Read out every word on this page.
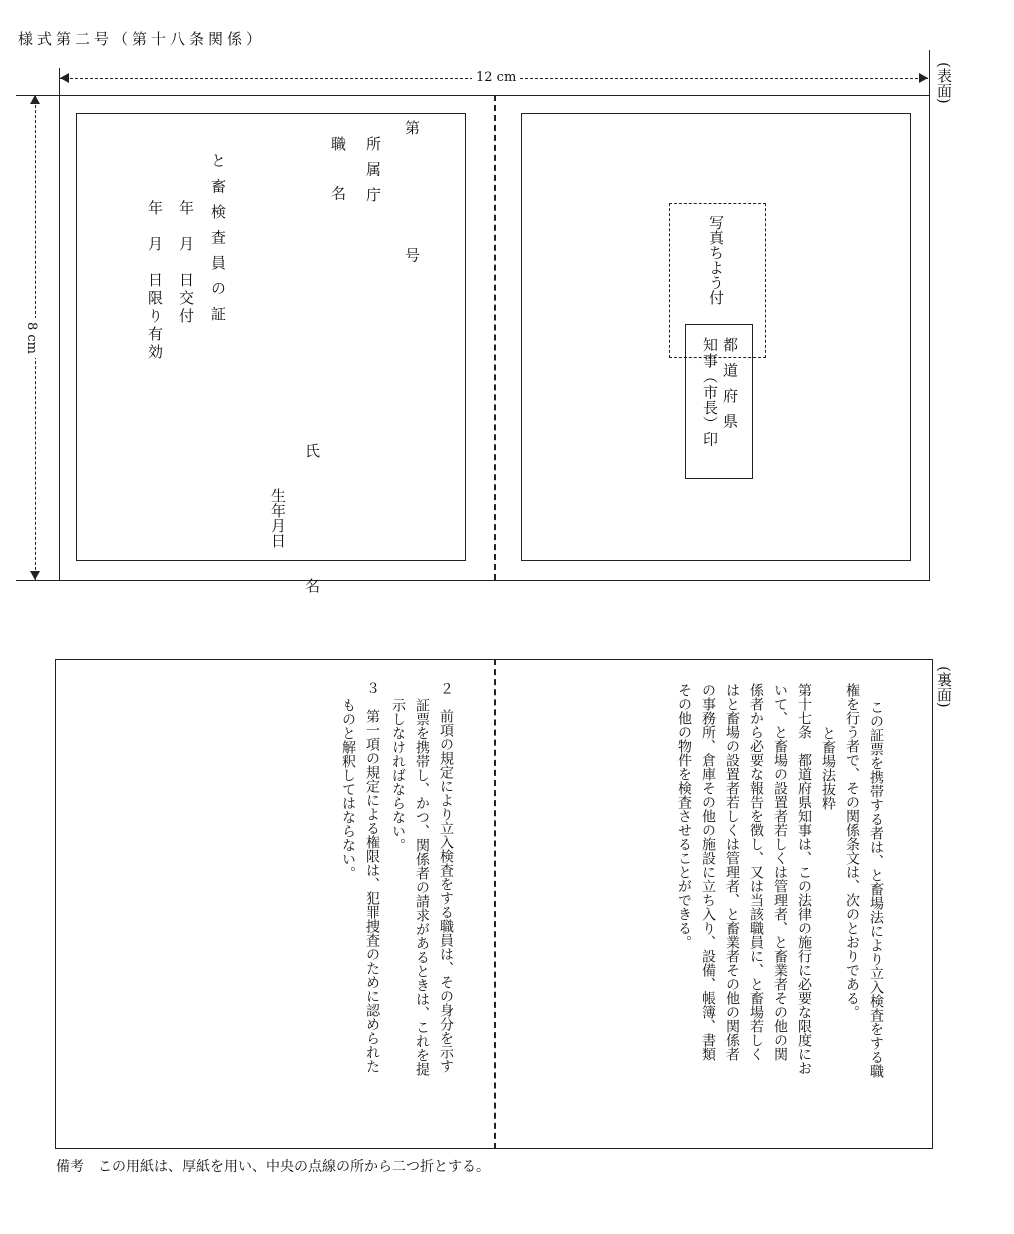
様式第二号（第十八条関係）
12 cm
8 cm
(表面)
第　　　　号
所属庁
職　　名
と畜検査員の証
年　月　日交付
年　月　日限り有効
氏　　　　　　　　名
生年月日
写真ちよう付
都道府県
知事（市長）印
(裏面)
この証票を携帯する者は、と畜場法により立入検査をする職
権を行う者で、その関係条文は、次のとおりである。
　　と畜場法抜粋
第十七条　都道府県知事は、この法律の施行に必要な限度にお
いて、と畜場の設置者若しくは管理者、と畜業者その他の関
係者から必要な報告を徴し、又は当該職員に、と畜場若しく
はと畜場の設置者若しくは管理者、と畜業者その他の関係者
の事務所、倉庫その他の施設に立ち入り、設備、帳簿、書類
その他の物件を検査させることができる。
２　前項の規定により立入検査をする職員は、その身分を示す
証票を携帯し、かつ、関係者の請求があるときは、これを提
示しなければならない。
３　第一項の規定による権限は、犯罪捜査のために認められた
ものと解釈してはならない。
備考　この用紙は、厚紙を用い、中央の点線の所から二つ折とする。
